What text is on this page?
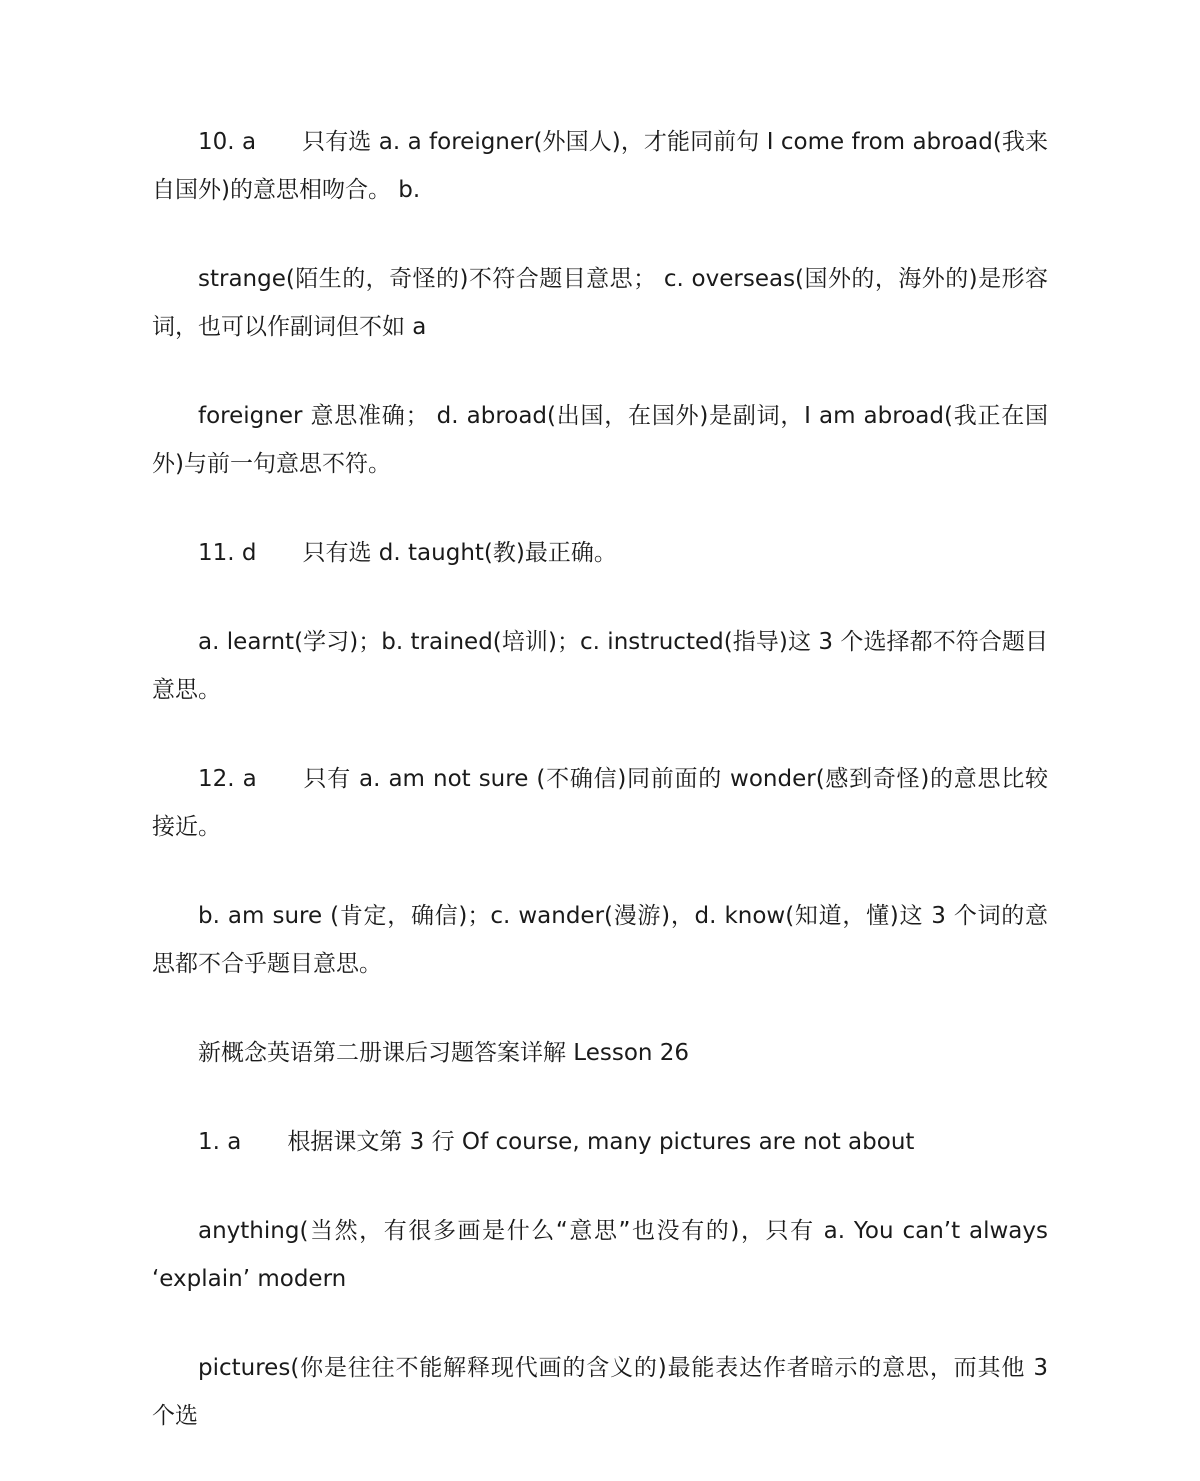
10. a 只有选 a. a foreigner(外国人)，才能同前句 I come from abroad(我来自国外)的意思相吻合。 b.

strange(陌生的，奇怪的)不符合题目意思； c. overseas(国外的，海外的)是形容词，也可以作副词但不如 a

foreigner 意思准确； d. abroad(出国，在国外)是副词，I am abroad(我正在国外)与前一句意思不符。

11. d 只有选 d. taught(教)最正确。

a. learnt(学习)；b. trained(培训)；c. instructed(指导)这 3 个选择都不符合题目意思。

12. a 只有 a. am not sure (不确信)同前面的 wonder(感到奇怪)的意思比较接近。

b. am sure (肯定，确信)；c. wander(漫游)，d. know(知道，懂)这 3 个词的意思都不合乎题目意思。

新概念英语第二册课后习题答案详解 Lesson 26

1. a 根据课文第 3 行 Of course, many pictures are not about

anything(当然，有很多画是什么“意思”也没有的)，只有 a. You can’t always ‘explain’ modern

pictures(你是往往不能解释现代画的含义的)最能表达作者暗示的意思，而其他 3 个选
